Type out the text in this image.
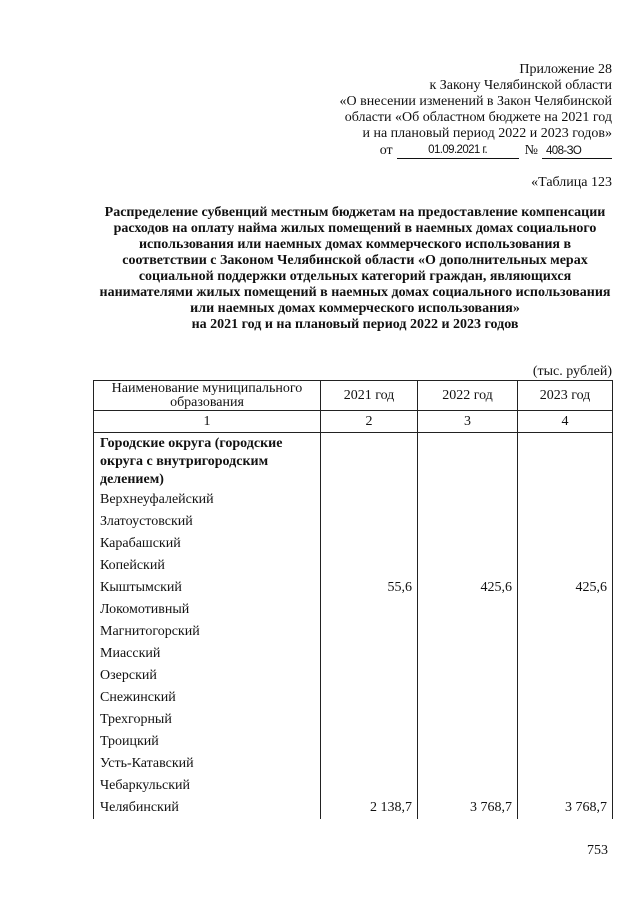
Приложение 28
к Закону Челябинской области
«О внесении изменений в Закон Челябинской
области «Об областном бюджете на 2021 год
и на плановый период 2022 и 2023 годов»
от	01.09.2021 г.	№ 408-ЗО
«Таблица 123
Распределение субвенций местным бюджетам на предоставление компенсации
расходов на оплату найма жилых помещений в наемных домах социального
использования или наемных домах коммерческого использования в
соответствии с Законом Челябинской области «О дополнительных мерах
социальной поддержки отдельных категорий граждан, являющихся
нанимателями жилых помещений в наемных домах социального использования
или наемных домах коммерческого использования»
на 2021 год и на плановый период 2022 и 2023 годов
(тыс. рублей)
Наименование муниципального образования	2021 год	2022 год	2023 год
1	2	3	4

Городские округа (городские округа с внутригородским делением)			

Верхнеуфалейский			
Златоустовский			
Карабашский			
Копейский			
Кыштымский	55,6	425,6	425,6
Локомотивный			
Магнитогорский			
Миасский			
Озерский			
Снежинский			
Трехгорный			
Троицкий			
Усть-Катавский			
Чебаркульский			
Челябинский	2 138,7	3 768,7	3 768,7
753
